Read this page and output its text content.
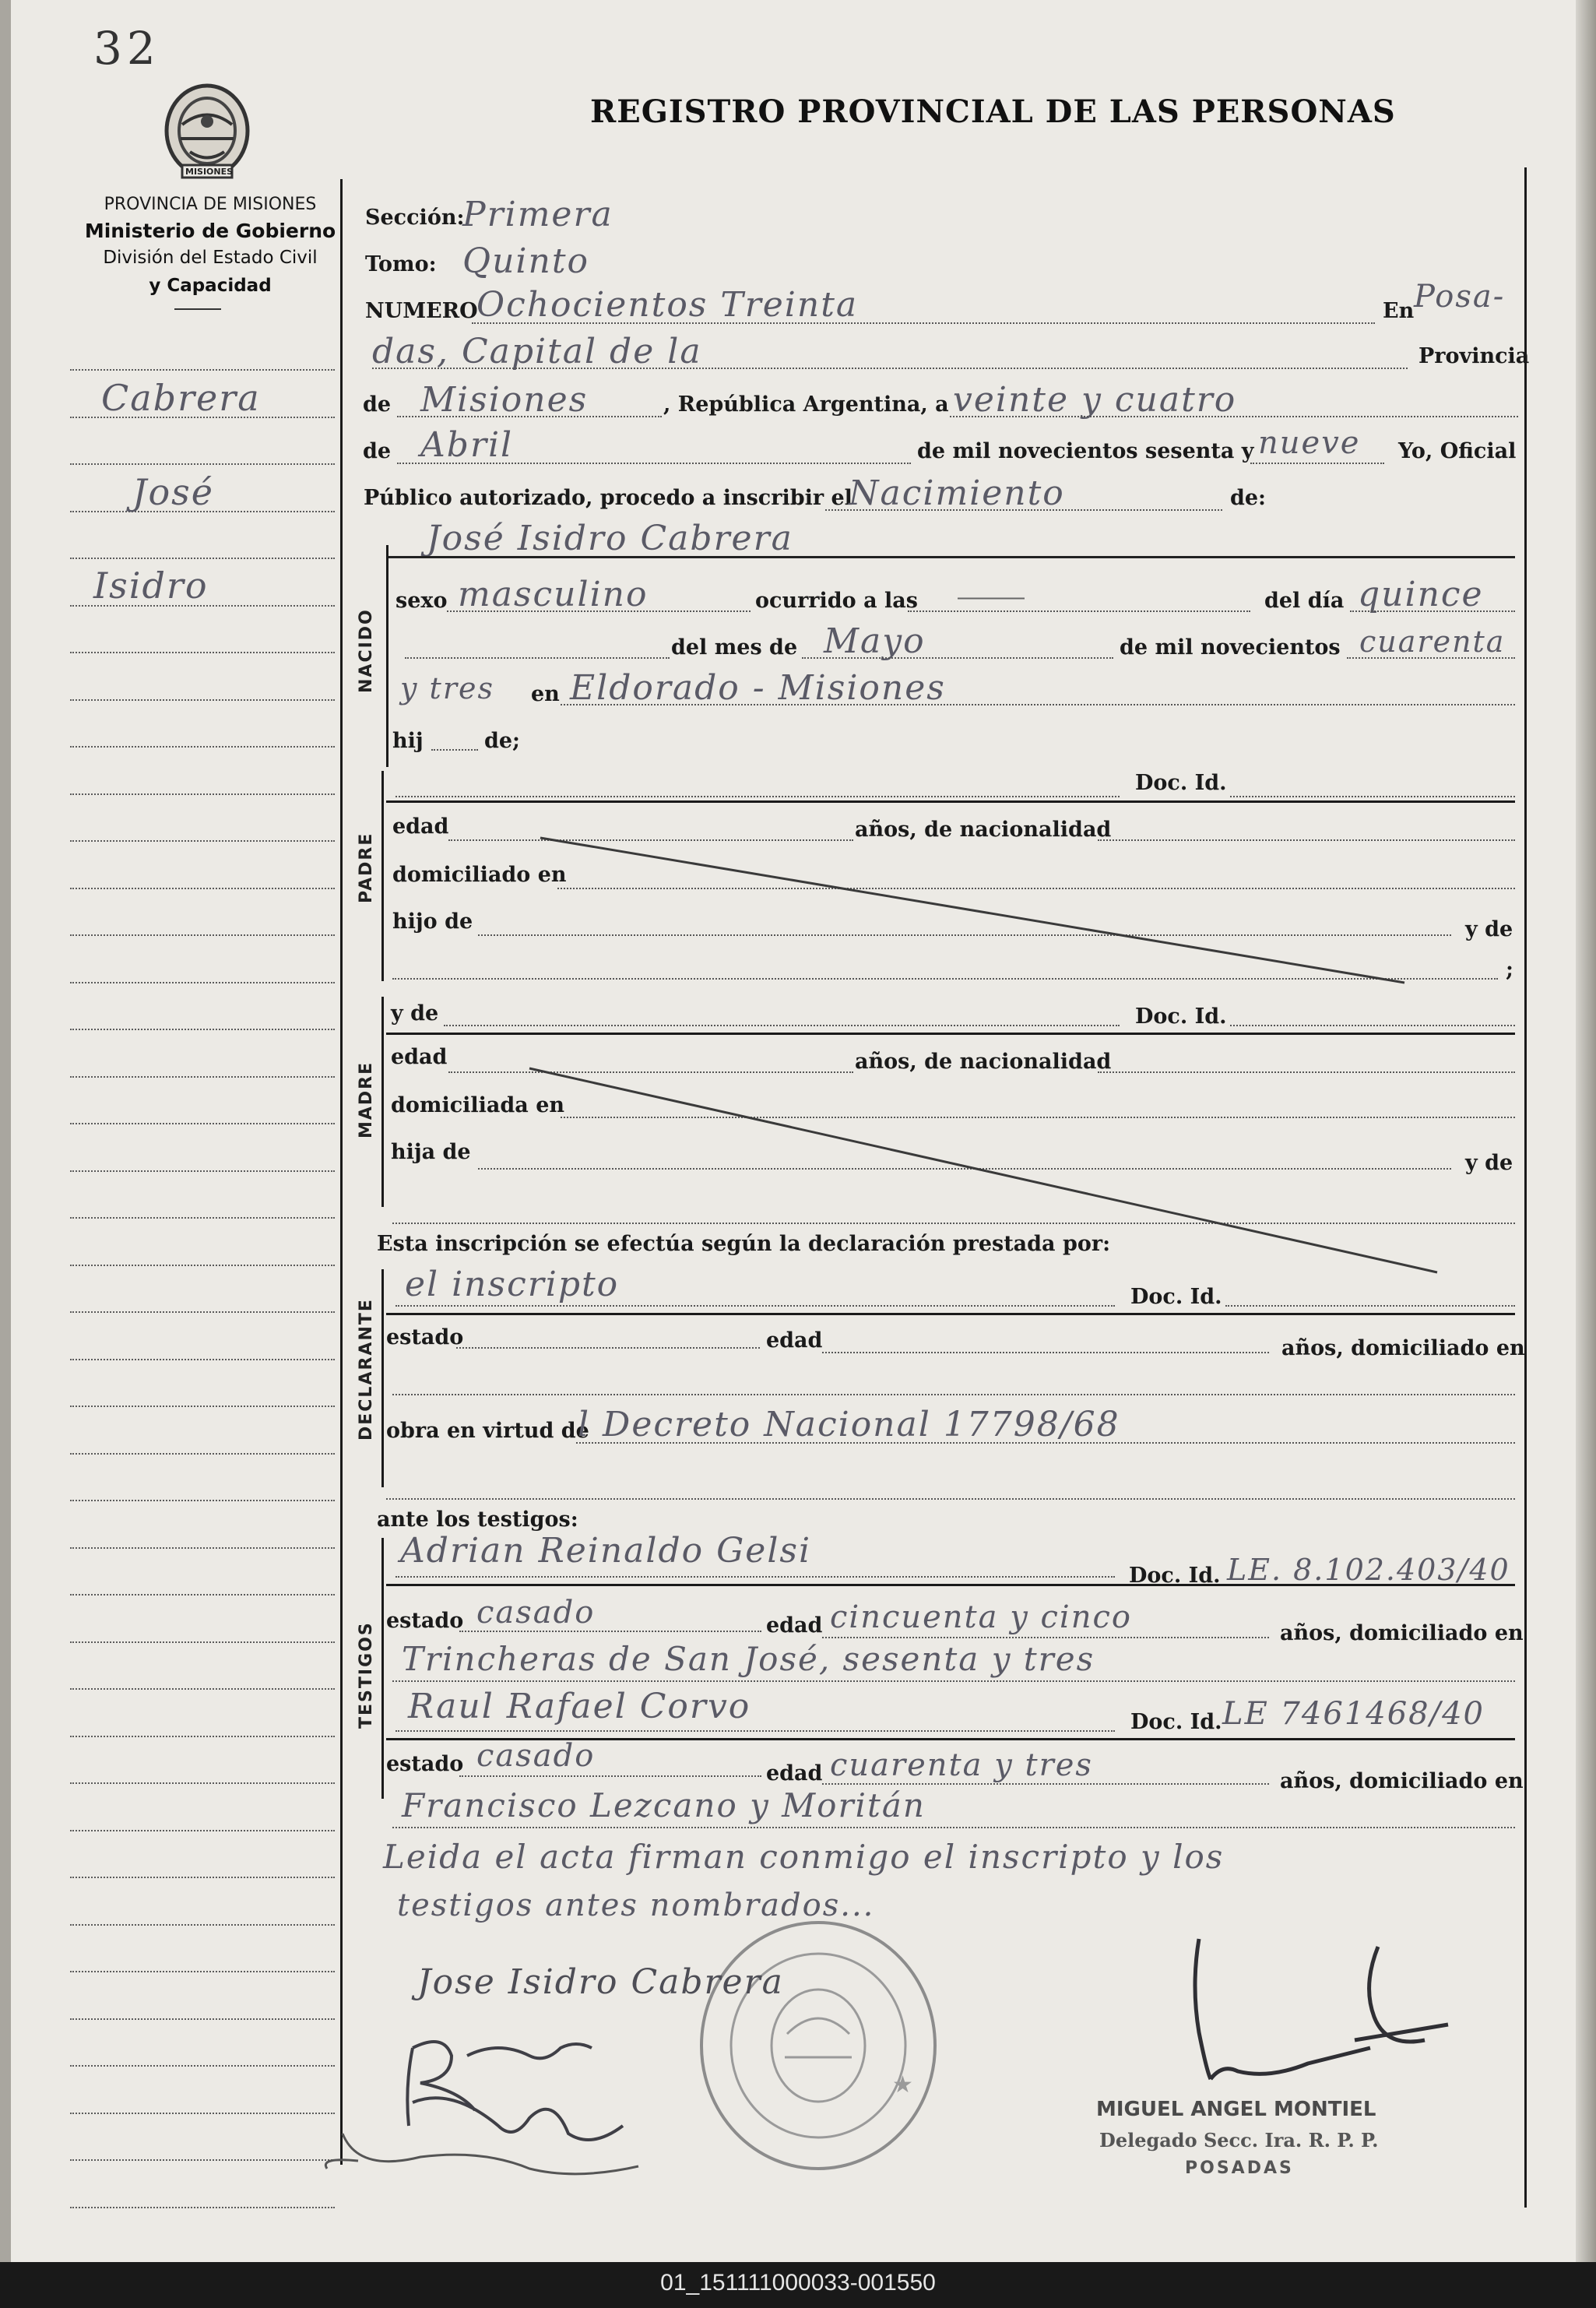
32
MISIONES
REGISTRO PROVINCIAL DE LAS PERSONAS
PROVINCIA DE MISIONES
Ministerio de Gobierno
División del Estado Civil
y Capacidad
Cabrera
José
Isidro
Sección:
Primera
Tomo: Quinto
NUMERO
Ochocientos Treinta	En Posa-
das, Capital de la	Provincia
de Misiones	, República Argentina, a veinte y cuatro
de Abril	de mil novecientos sesenta y nueve Yo, Oficial
Público autorizado, procedo a inscribir el
Nacimiento	de:
José Isidro Cabrera
NACIDO
sexo masculino	ocurrido a las ———	del día quince
del mes de Mayo	de mil novecientos cuarenta
y tres en Eldorado - Misiones
hij	de;
PADRE
Doc. Id.
edad	años, de nacionalidad
domiciliado en
hijo de	y de
;
MADRE
y de	Doc. Id.
edad	años, de nacionalidad
domiciliada en
hija de	y de
Esta inscripción se efectúa según la declaración prestada por:
DECLARANTE
el inscripto	Doc. Id.
estado	edad	años, domiciliado en
obra en virtud de
l Decreto Nacional 17798/68
ante los testigos:
TESTIGOS
Adrian Reinaldo Gelsi
Doc. Id. LE. 8.102.403/40
estado casado	edad cincuenta y cinco	años, domiciliado en
Trincheras de San José, sesenta y tres
Raul Rafael Corvo	Doc. Id. LE 7461468/40
estado casado	edad cuarenta y tres	años, domiciliado en
Francisco Lezcano y Moritán
Leida el acta firman conmigo el inscripto y los
testigos antes nombrados...
★
Jose Isidro Cabrera
MIGUEL ANGEL MONTIEL
Delegado Secc. Ira. R. P. P.
POSADAS
01_151111000033-001550
